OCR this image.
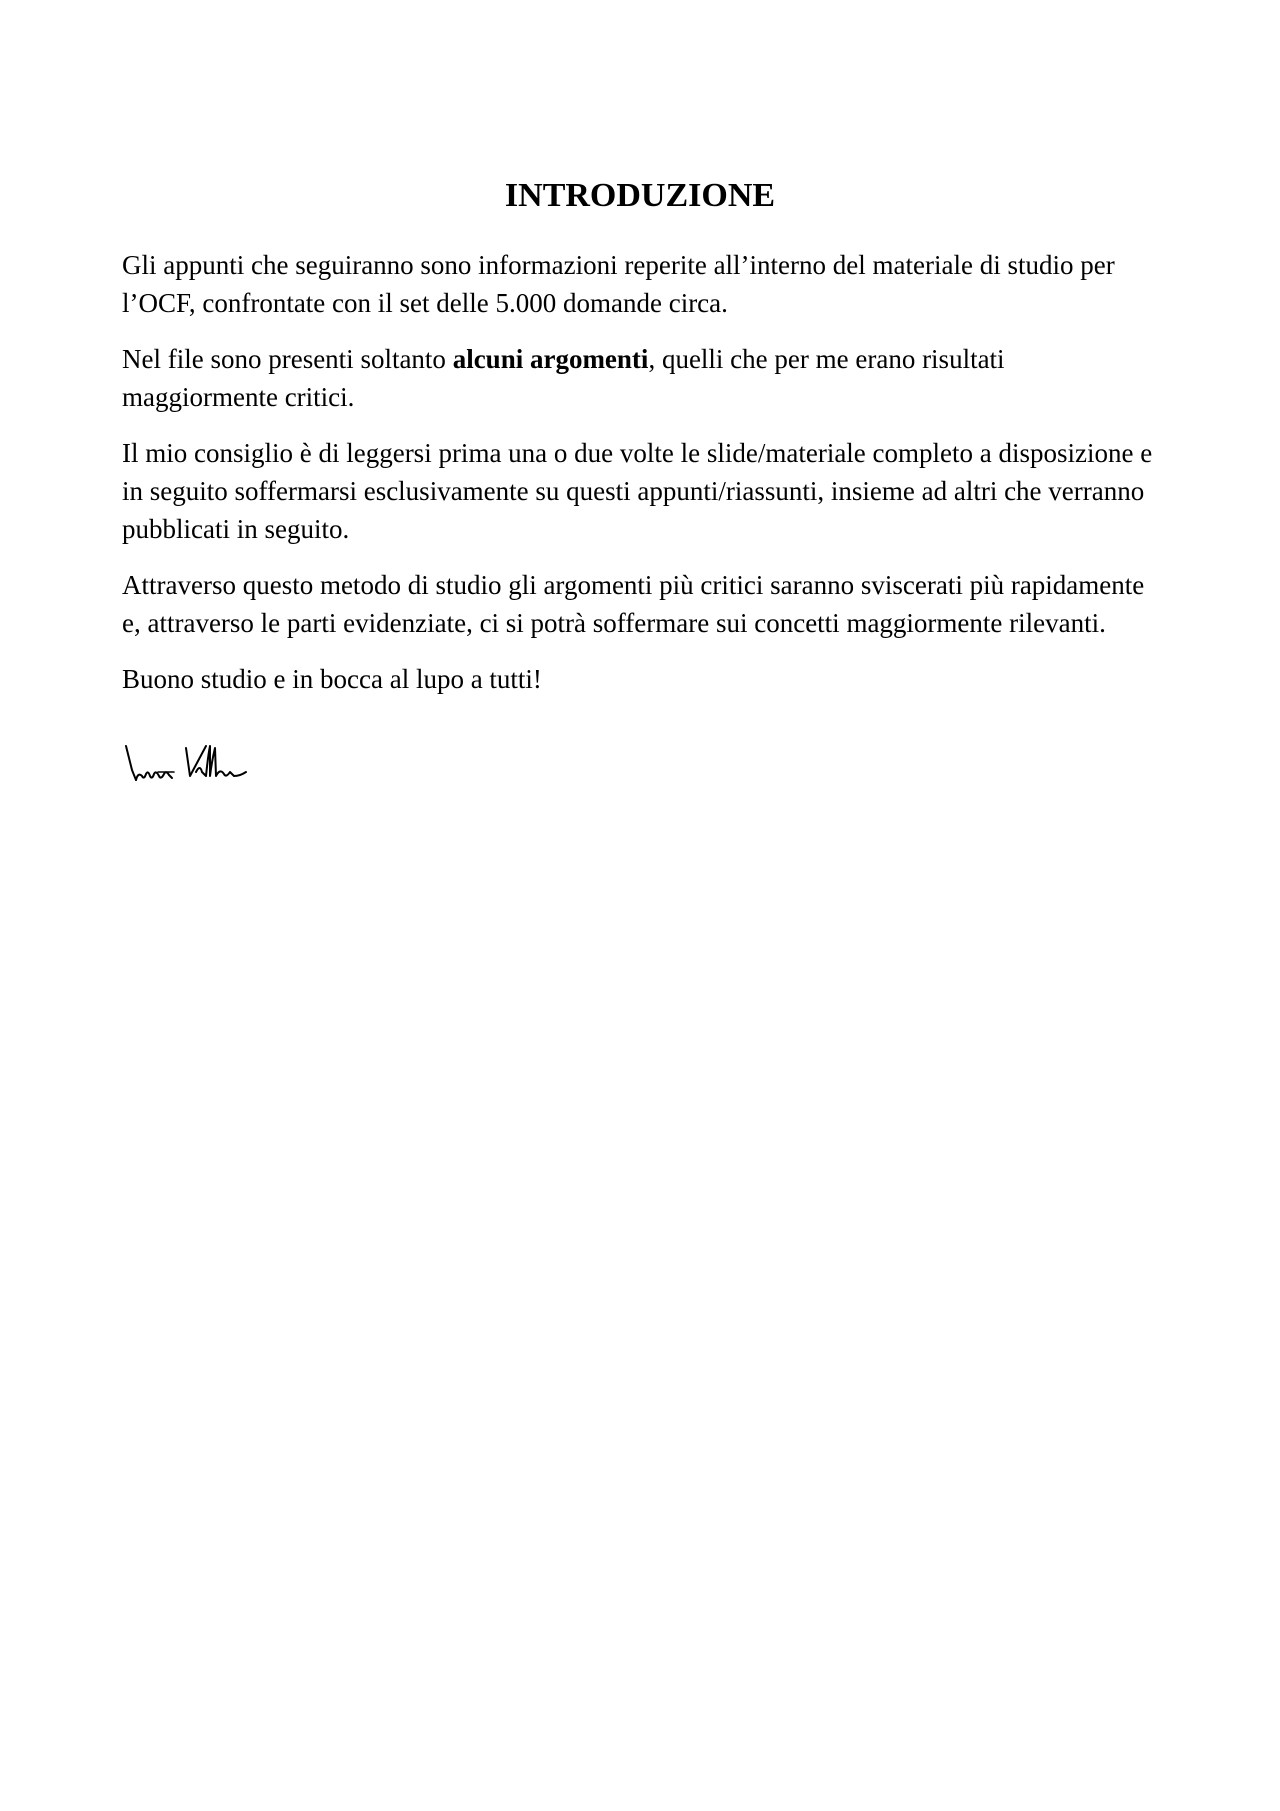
INTRODUZIONE

Gli appunti che seguiranno sono informazioni reperite all’interno del materiale di studio per l’OCF, confrontate con il set delle 5.000 domande circa.

Nel file sono presenti soltanto alcuni argomenti, quelli che per me erano risultati maggiormente critici.

Il mio consiglio è di leggersi prima una o due volte le slide/materiale completo a disposizione e in seguito soffermarsi esclusivamente su questi appunti/riassunti, insieme ad altri che verranno pubblicati in seguito.

Attraverso questo metodo di studio gli argomenti più critici saranno sviscerati più rapidamente e, attraverso le parti evidenziate, ci si potrà soffermare sui concetti maggiormente rilevanti.

Buono studio e in bocca al lupo a tutti!
